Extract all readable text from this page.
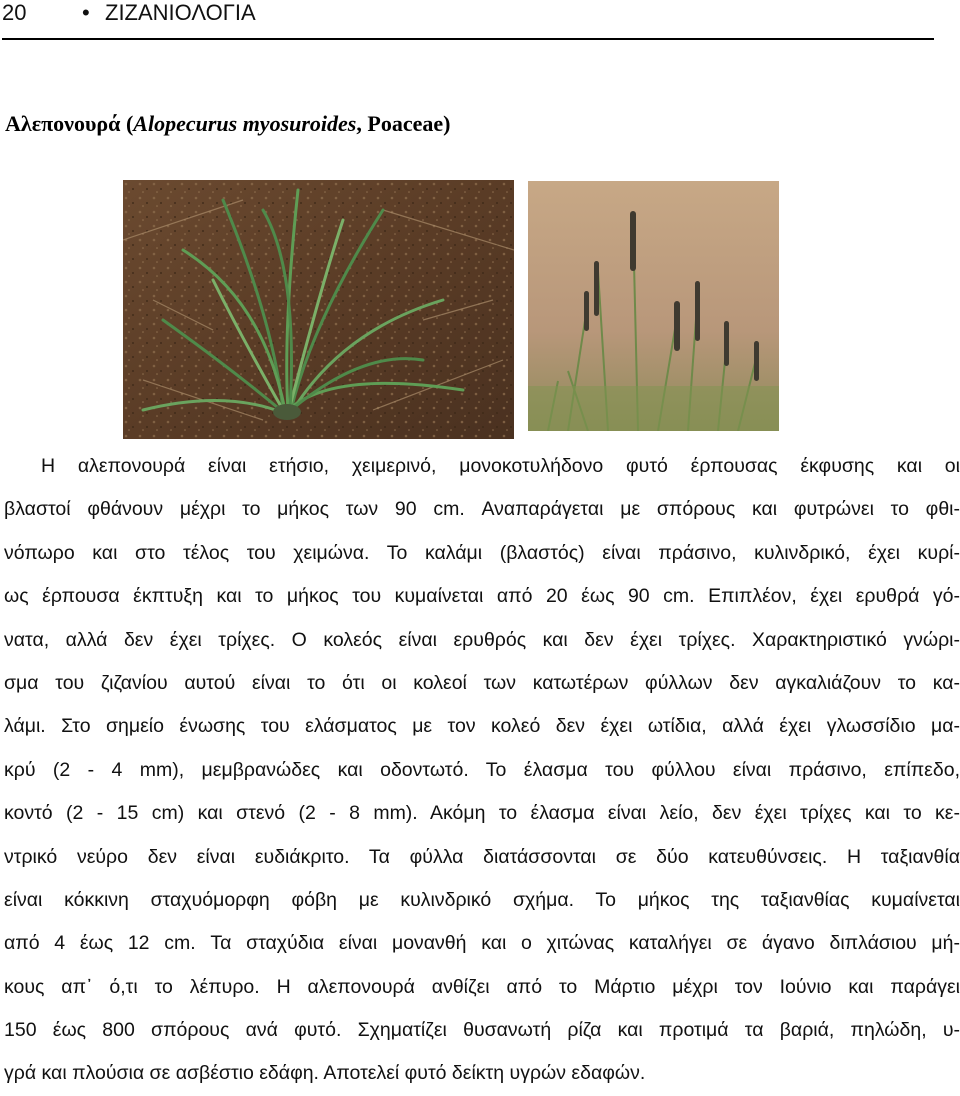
20	• ΖΙΖΑΝΙΟΛΟΓΙΑ
Αλεπονουρά (Alopecurus myosuroides, Poaceae)
Η αλεπονουρά είναι ετήσιο, χειμερινό, μονοκοτυλήδονο φυτό έρπουσας έκφυσης και οι
βλαστοί φθάνουν μέχρι το μήκος των 90 cm. Αναπαράγεται με σπόρους και φυτρώνει το φθι-
νόπωρο και στο τέλος του χειμώνα. Το καλάμι (βλαστός) είναι πράσινο, κυλινδρικό, έχει κυρί-
ως έρπουσα έκπτυξη και το μήκος του κυμαίνεται από 20 έως 90 cm. Επιπλέον, έχει ερυθρά γό-
νατα, αλλά δεν έχει τρίχες. Ο κολεός είναι ερυθρός και δεν έχει τρίχες. Χαρακτηριστικό γνώρι-
σμα του ζιζανίου αυτού είναι το ότι οι κολεοί των κατωτέρων φύλλων δεν αγκαλιάζουν το κα-
λάμι. Στο σημείο ένωσης του ελάσματος με τον κολεό δεν έχει ωτίδια, αλλά έχει γλωσσίδιο μα-
κρύ (2 - 4 mm), μεμβρανώδες και οδοντωτό. Το έλασμα του φύλλου είναι πράσινο, επίπεδο,
κοντό (2 - 15 cm) και στενό (2 - 8 mm). Ακόμη το έλασμα είναι λείο, δεν έχει τρίχες και το κε-
ντρικό νεύρο δεν είναι ευδιάκριτο. Τα φύλλα διατάσσονται σε δύο κατευθύνσεις. Η ταξιανθία
είναι κόκκινη σταχυόμορφη φόβη με κυλινδρικό σχήμα. Το μήκος της ταξιανθίας κυμαίνεται
από 4 έως 12 cm. Τα σταχύδια είναι μονανθή και ο χιτώνας καταλήγει σε άγανο διπλάσιου μή-
κους απ᾽ ό,τι το λέπυρο. Η αλεπονουρά ανθίζει από το Μάρτιο μέχρι τον Ιούνιο και παράγει
150 έως 800 σπόρους ανά φυτό. Σχηματίζει θυσανωτή ρίζα και προτιμά τα βαριά, πηλώδη, υ-
γρά και πλούσια σε ασβέστιο εδάφη. Αποτελεί φυτό δείκτη υγρών εδαφών.
